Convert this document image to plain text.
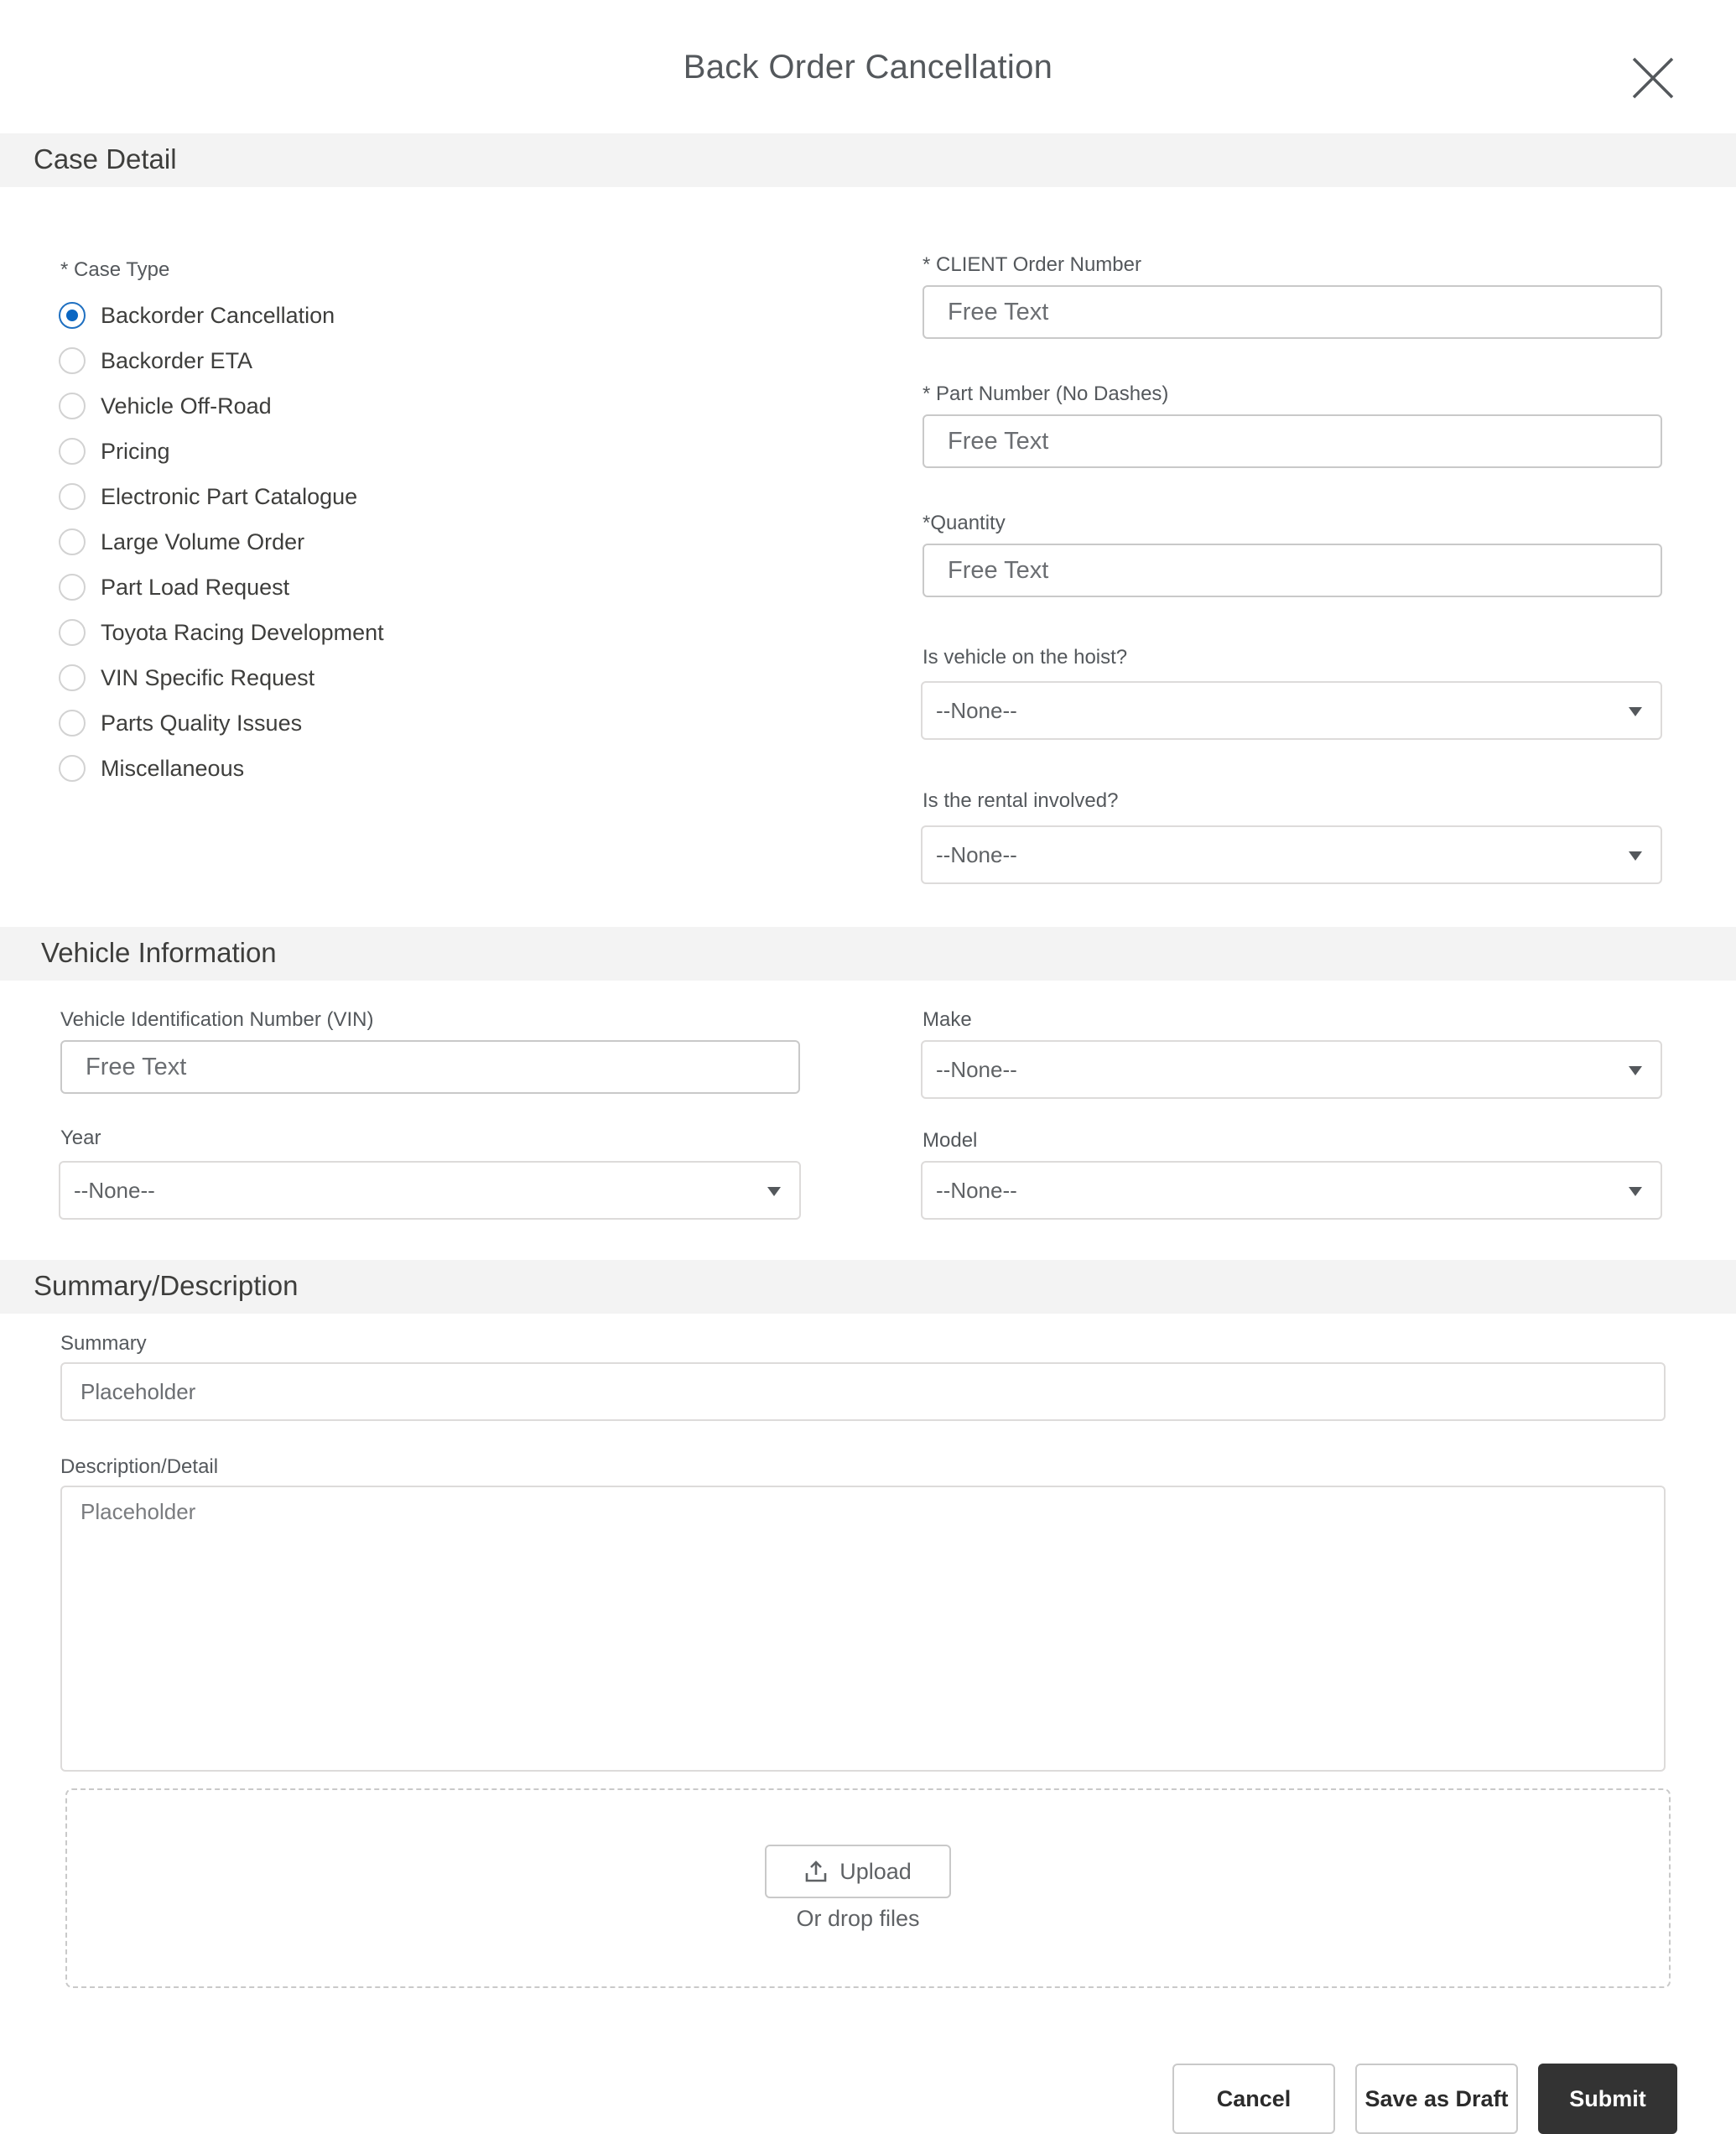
Back Order Cancellation
Case Detail
* Case Type
Backorder Cancellation
Backorder ETA
Vehicle Off-Road
Pricing
Electronic Part Catalogue
Large Volume Order
Part Load Request
Toyota Racing Development
VIN Specific Request
Parts Quality Issues
Miscellaneous
* CLIENT Order Number
Free Text
* Part Number (No Dashes)
Free Text
*Quantity
Free Text
Is vehicle on the hoist?
--None--
Is the rental involved?
--None--
Vehicle Information
Vehicle Identification Number (VIN)
Free Text	Make
--None--
Year
--None--
Model
--None--
Summary/Description
Summary
Placeholder
Description/Detail
Placeholder
Upload
Or drop files
Cancel	Save as Draft	Submit
